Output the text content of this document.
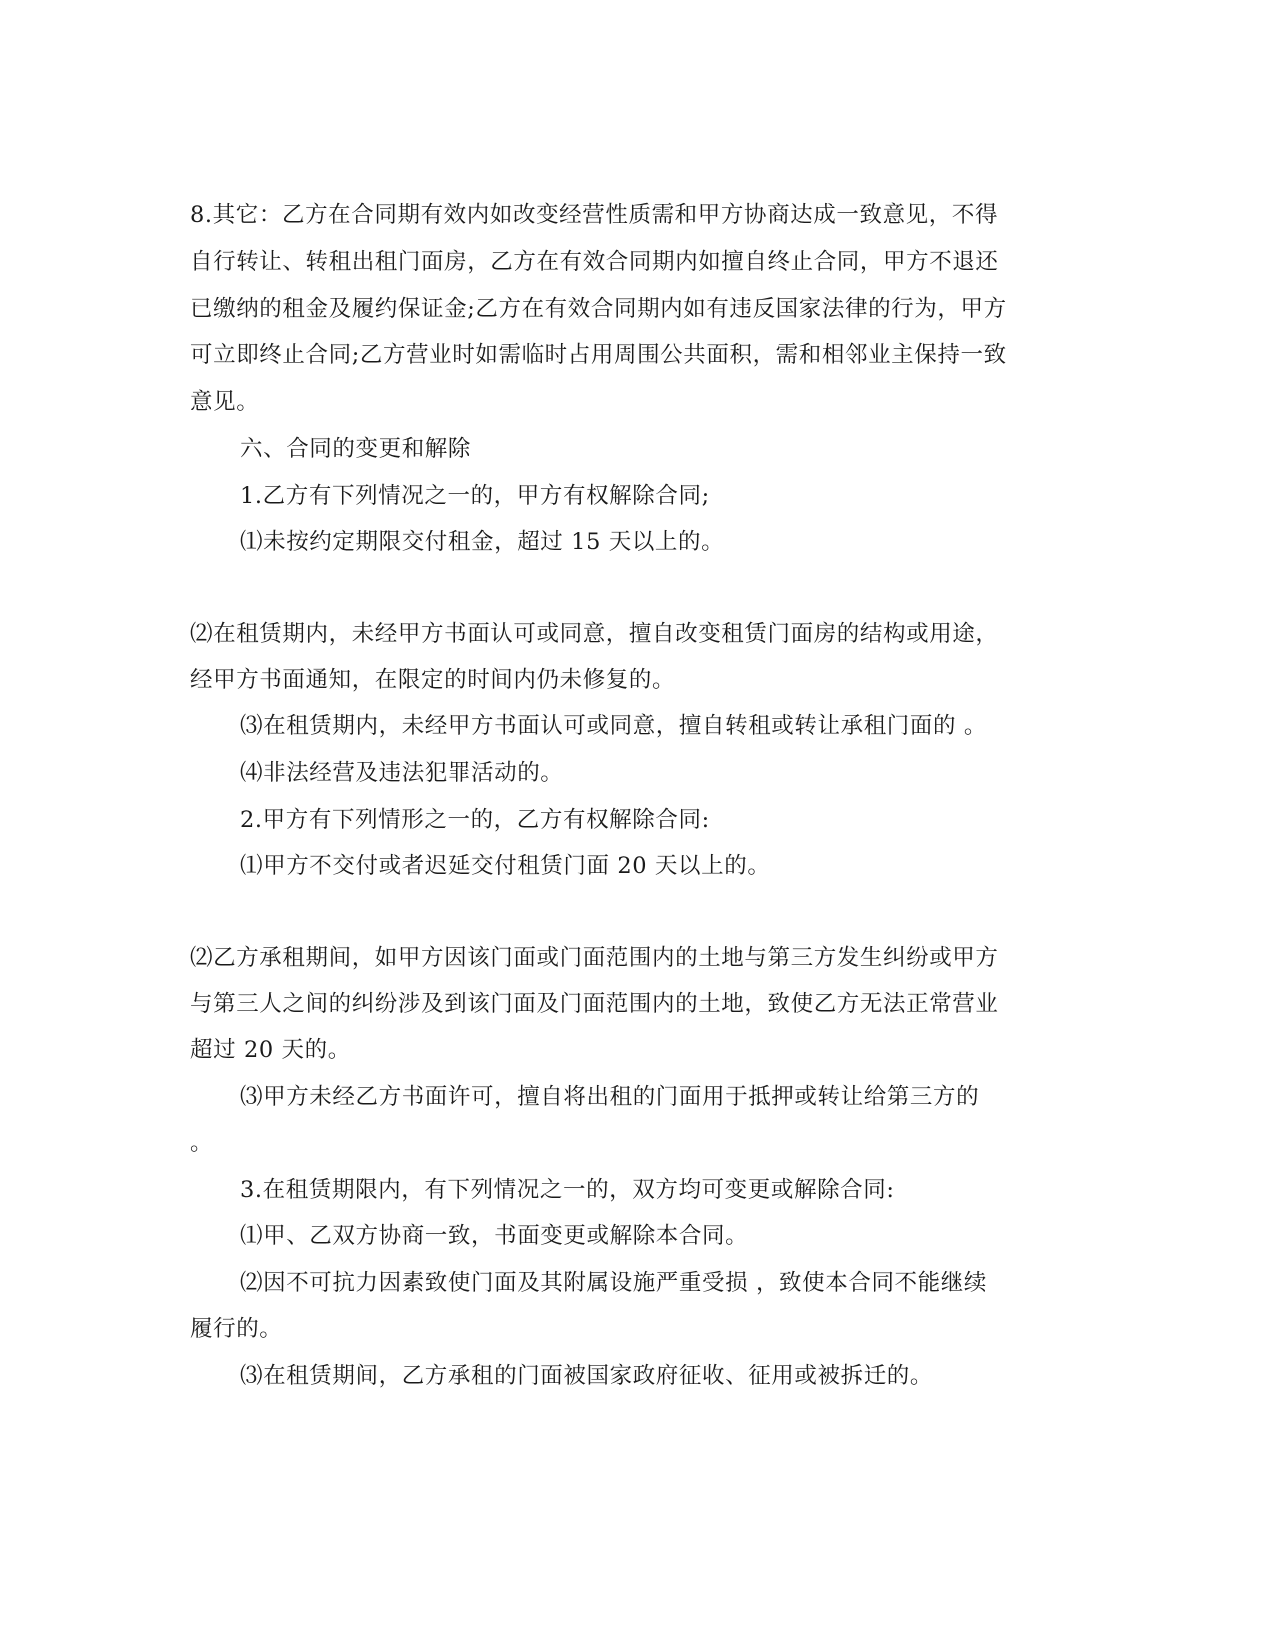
8.其它：乙方在合同期有效内如改变经营性质需和甲方协商达成一致意见，不得

自行转让、转租出租门面房，乙方在有效合同期内如擅自终止合同，甲方不退还

已缴纳的租金及履约保证金;乙方在有效合同期内如有违反国家法律的行为，甲方

可立即终止合同;乙方营业时如需临时占用周围公共面积，需和相邻业主保持一致

意见。

六、合同的变更和解除

1.乙方有下列情况之一的，甲方有权解除合同;

⑴未按约定期限交付租金，超过 15 天以上的。

⑵在租赁期内，未经甲方书面认可或同意，擅自改变租赁门面房的结构或用途，

经甲方书面通知，在限定的时间内仍未修复的。

⑶在租赁期内，未经甲方书面认可或同意，擅自转租或转让承租门面的 。

⑷非法经营及违法犯罪活动的。

2.甲方有下列情形之一的，乙方有权解除合同:

⑴甲方不交付或者迟延交付租赁门面 20 天以上的。

⑵乙方承租期间，如甲方因该门面或门面范围内的土地与第三方发生纠纷或甲方

与第三人之间的纠纷涉及到该门面及门面范围内的土地，致使乙方无法正常营业

超过 20 天的。

⑶甲方未经乙方书面许可，擅自将出租的门面用于抵押或转让给第三方的

。

3.在租赁期限内，有下列情况之一的，双方均可变更或解除合同:

⑴甲、乙双方协商一致，书面变更或解除本合同。

⑵因不可抗力因素致使门面及其附属设施严重受损 ，致使本合同不能继续

履行的。

⑶在租赁期间，乙方承租的门面被国家政府征收、征用或被拆迁的。
